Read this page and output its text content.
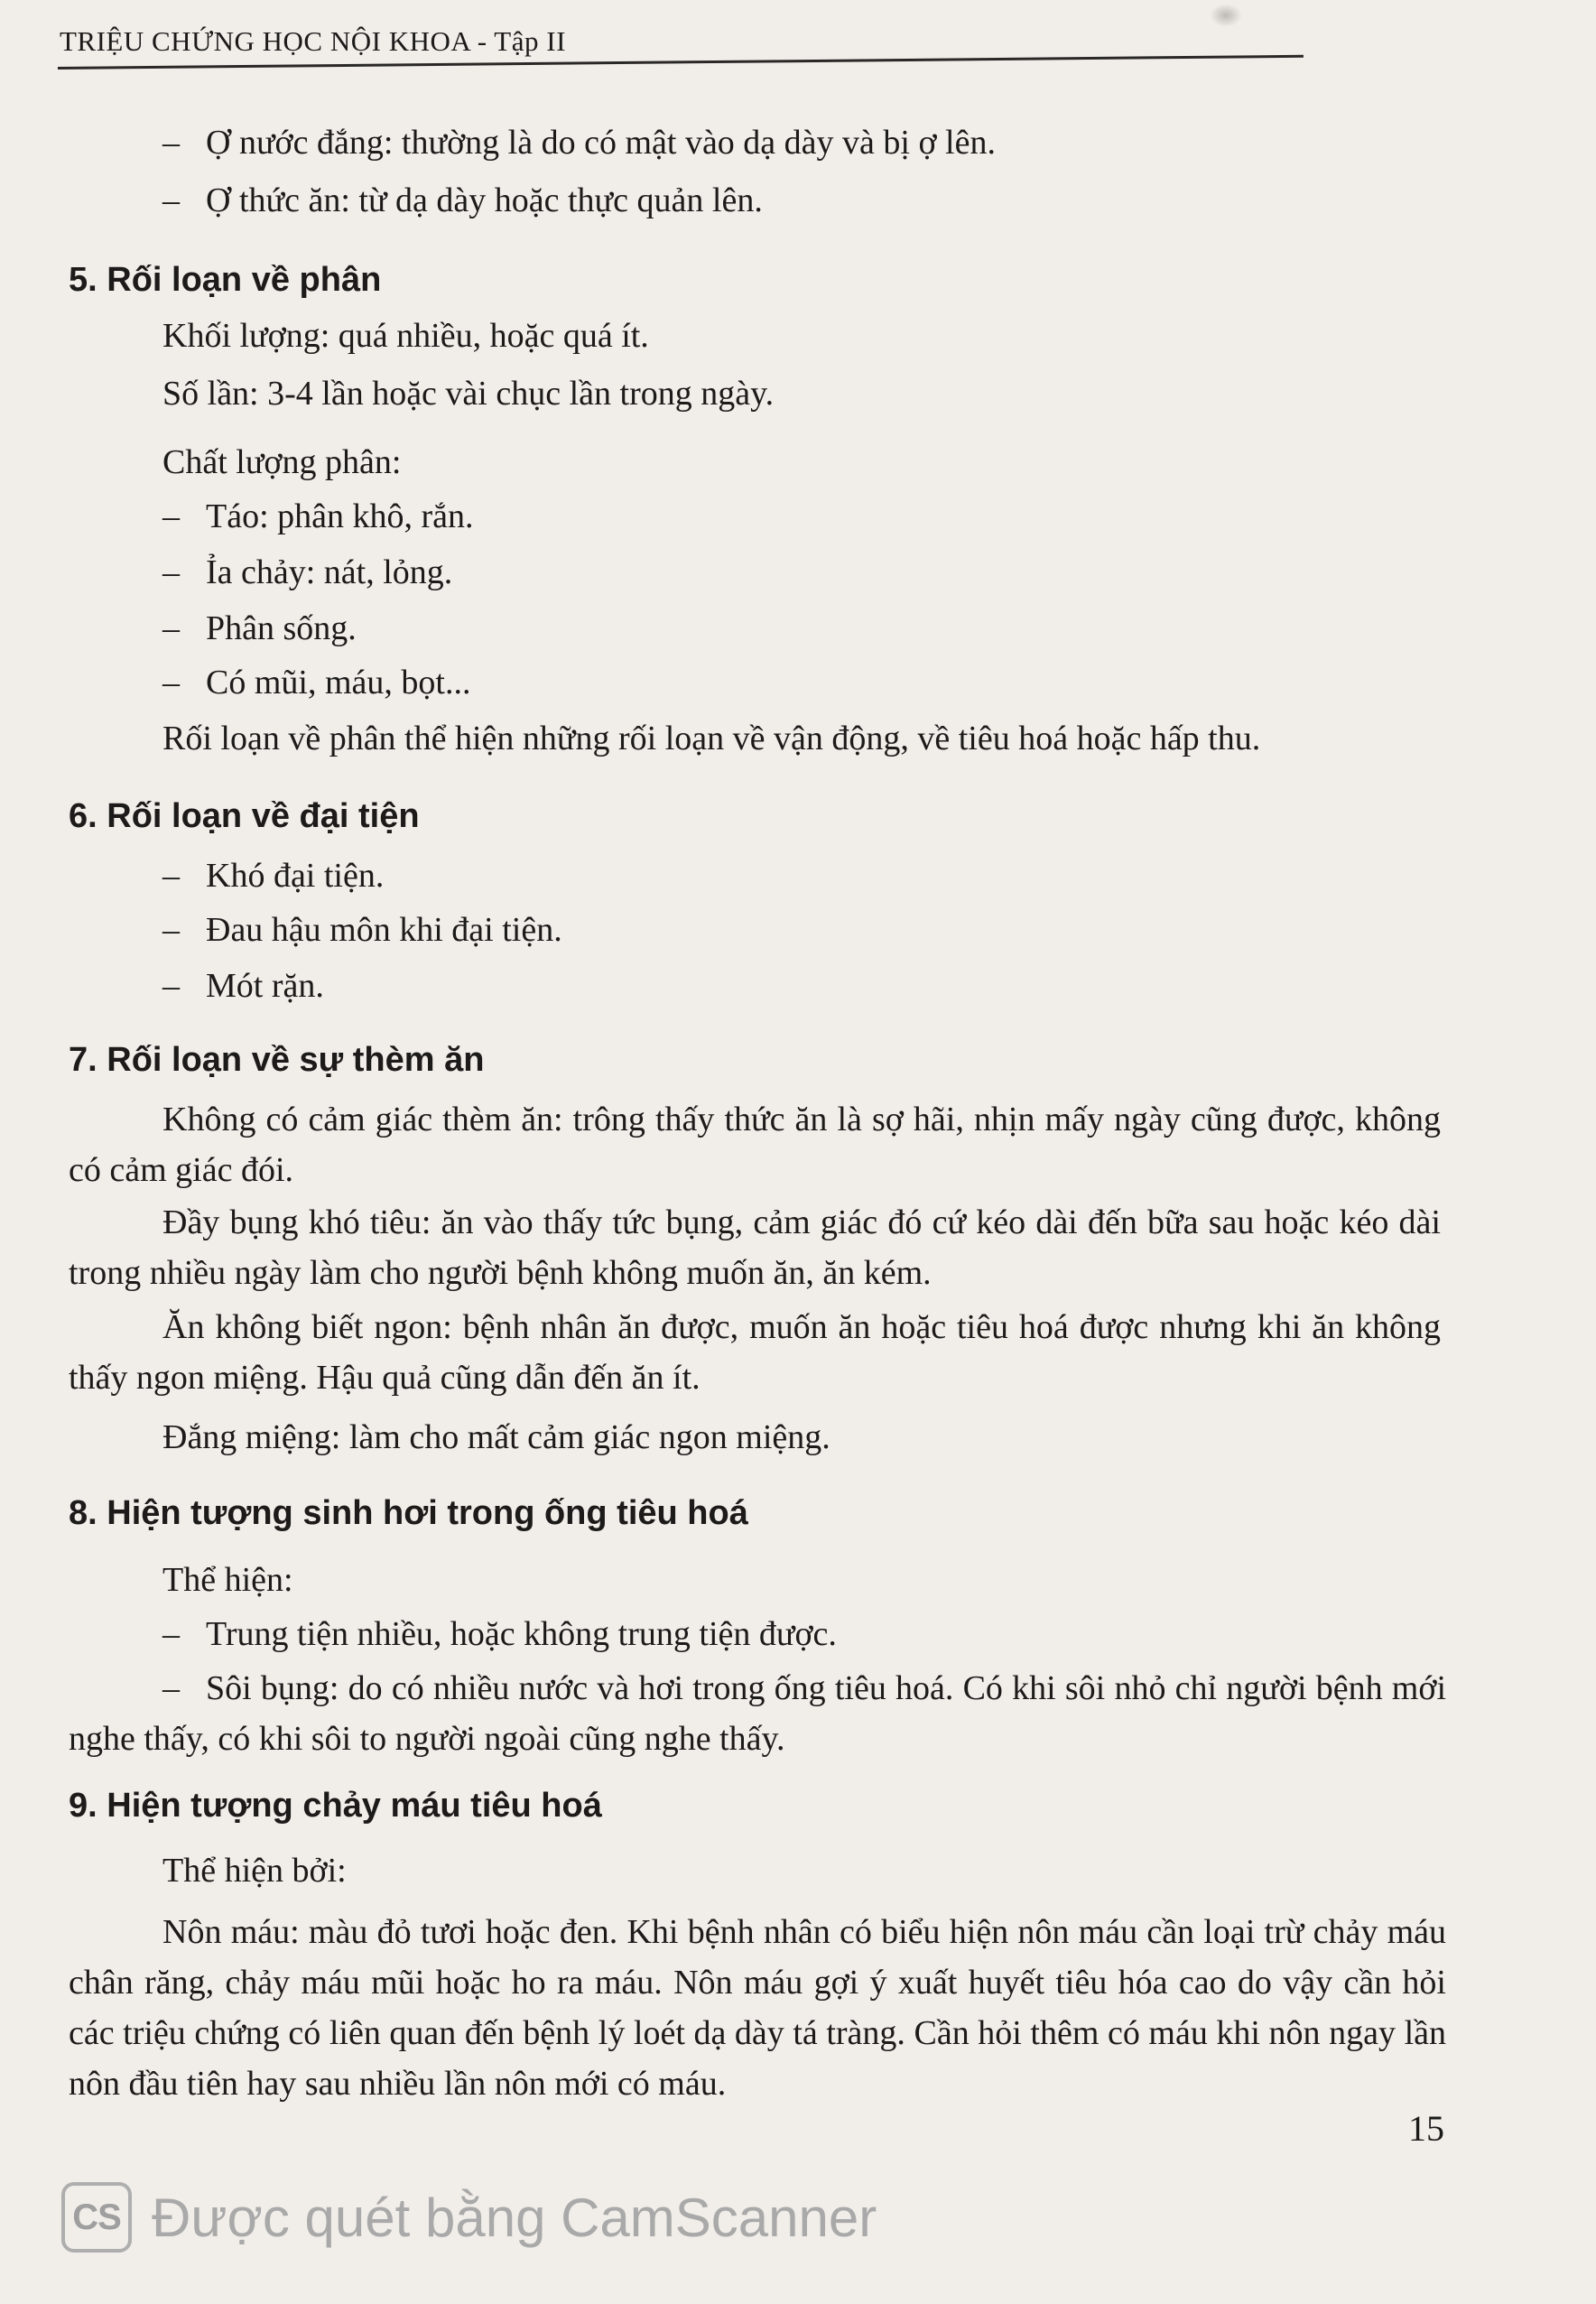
TRIỆU CHỨNG HỌC NỘI KHOA - Tập II
– Ợ nước đắng: thường là do có mật vào dạ dày và bị ợ lên.
– Ợ thức ăn: từ dạ dày hoặc thực quản lên.
5. Rối loạn về phân
Khối lượng: quá nhiều, hoặc quá ít.
Số lần: 3-4 lần hoặc vài chục lần trong ngày.
Chất lượng phân:
– Táo: phân khô, rắn.
– Ỉa chảy: nát, lỏng.
– Phân sống.
– Có mũi, máu, bọt...
Rối loạn về phân thể hiện những rối loạn về vận động, về tiêu hoá hoặc hấp thu.
6. Rối loạn về đại tiện
– Khó đại tiện.
– Đau hậu môn khi đại tiện.
– Mót rặn.
7. Rối loạn về sự thèm ăn
Không có cảm giác thèm ăn: trông thấy thức ăn là sợ hãi, nhịn mấy ngày cũng được, không có cảm giác đói.
Đầy bụng khó tiêu: ăn vào thấy tức bụng, cảm giác đó cứ kéo dài đến bữa sau hoặc kéo dài trong nhiều ngày làm cho người bệnh không muốn ăn, ăn kém.
Ăn không biết ngon: bệnh nhân ăn được, muốn ăn hoặc tiêu hoá được nhưng khi ăn không thấy ngon miệng. Hậu quả cũng dẫn đến ăn ít.
Đắng miệng: làm cho mất cảm giác ngon miệng.
8. Hiện tượng sinh hơi trong ống tiêu hoá
Thể hiện:
– Trung tiện nhiều, hoặc không trung tiện được.
– Sôi bụng: do có nhiều nước và hơi trong ống tiêu hoá. Có khi sôi nhỏ chỉ người bệnh mới nghe thấy, có khi sôi to người ngoài cũng nghe thấy.
9. Hiện tượng chảy máu tiêu hoá
Thể hiện bởi:
Nôn máu: màu đỏ tươi hoặc đen. Khi bệnh nhân có biểu hiện nôn máu cần loại trừ chảy máu chân răng, chảy máu mũi hoặc ho ra máu. Nôn máu gợi ý xuất huyết tiêu hóa cao do vậy cần hỏi các triệu chứng có liên quan đến bệnh lý loét dạ dày tá tràng. Cần hỏi thêm có máu khi nôn ngay lần nôn đầu tiên hay sau nhiều lần nôn mới có máu.
15
CS Được quét bằng CamScanner
